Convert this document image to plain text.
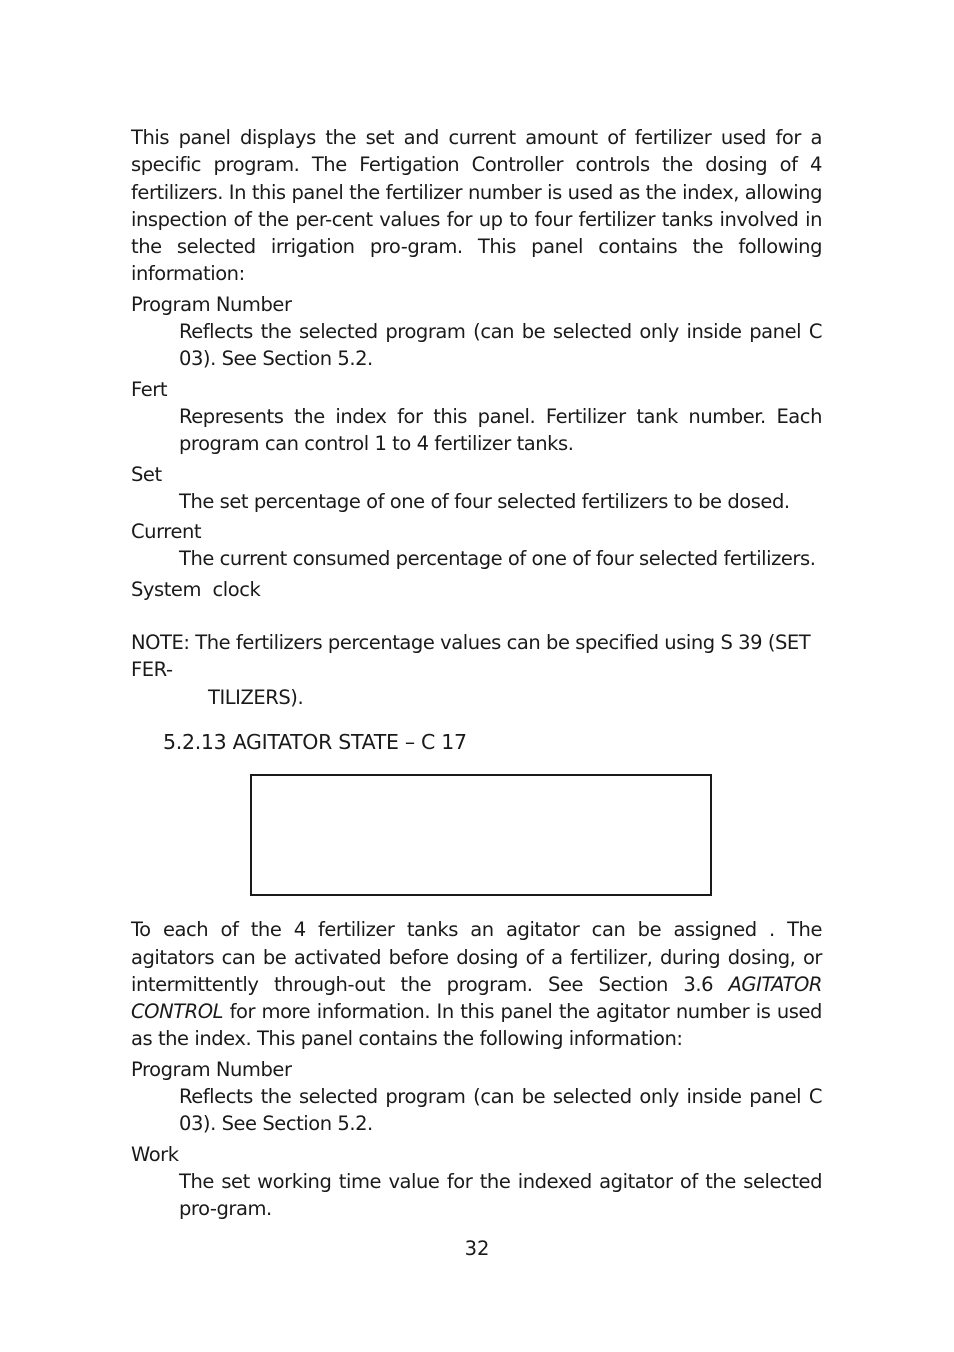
This panel displays the set and current amount of fertilizer used for a specific program. The Fertigation Controller controls the dosing of 4 fertilizers. In this panel the fertilizer number is used as the index, allowing inspection of the per-cent values for up to four fertilizer tanks involved in the selected irrigation pro-gram. This panel contains the following information:

Program Number

Reflects the selected program (can be selected only inside panel C 03). See Section 5.2.

Fert

Represents the index for this panel. Fertilizer tank number. Each program can control 1 to 4 fertilizer tanks.

Set

The set percentage of one of four selected fertilizers to be dosed.

Current

The current consumed percentage of one of four selected fertilizers.

System  clock

NOTE: The fertilizers percentage values can be specified using S 39 (SET FER-

TILIZERS).

5.2.13 AGITATOR STATE – C 17

To each of the 4 fertilizer tanks an agitator can be assigned . The agitators can be activated before dosing of a fertilizer, during dosing, or intermittently through-out the program. See Section 3.6 AGITATOR CONTROL for more information. In this panel the agitator number is used as the index. This panel contains the following information:

Program Number

Reflects the selected program (can be selected only inside panel C 03). See Section 5.2.

Work

The set working time value for the indexed agitator of the selected pro-gram.

32
